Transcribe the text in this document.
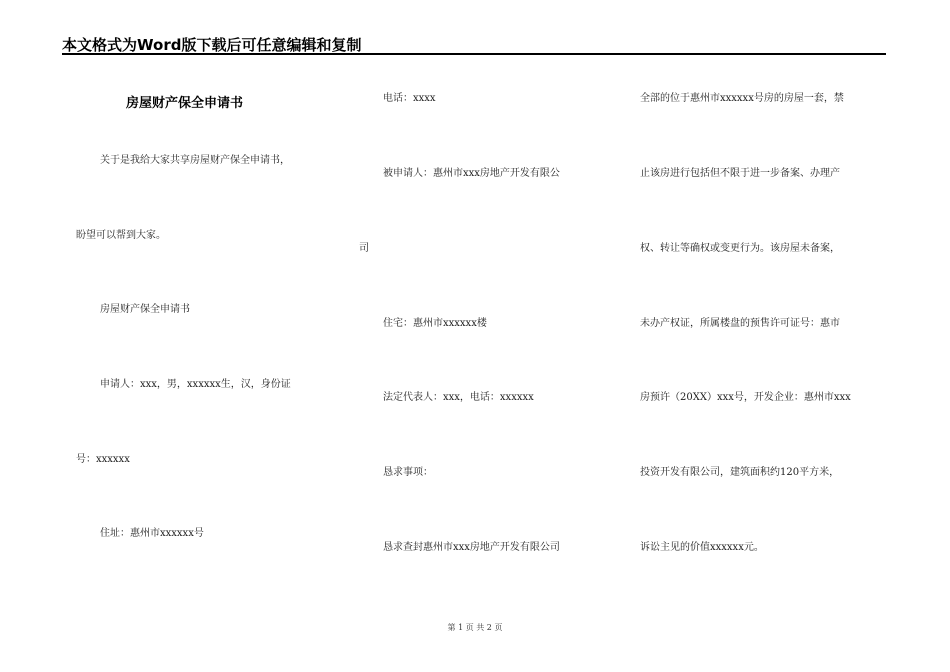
本文格式为Word版下载后可任意编辑和复制
房屋财产保全申请书
关于是我给大家共享房屋财产保全申请书，
盼望可以帮到大家。
房屋财产保全申请书
申请人：xxx，男，xxxxxx生，汉，身份证
号：xxxxxx
住址：惠州市xxxxxx号
电话：xxxx
被申请人：惠州市xxx房地产开发有限公
司
住宅：惠州市xxxxxx楼
法定代表人：xxx，电话：xxxxxx
恳求事项：
恳求查封惠州市xxx房地产开发有限公司
全部的位于惠州市xxxxxx号房的房屋一套，禁
止该房进行包括但不限于进一步备案、办理产
权、转让等确权或变更行为。该房屋未备案，
未办产权证，所属楼盘的预售许可证号：惠市
房预许（20XX）xxx号，开发企业：惠州市xxx
投资开发有限公司，建筑面积约120平方米，
诉讼主见的价值xxxxxx元。
第 1 页 共 2 页
